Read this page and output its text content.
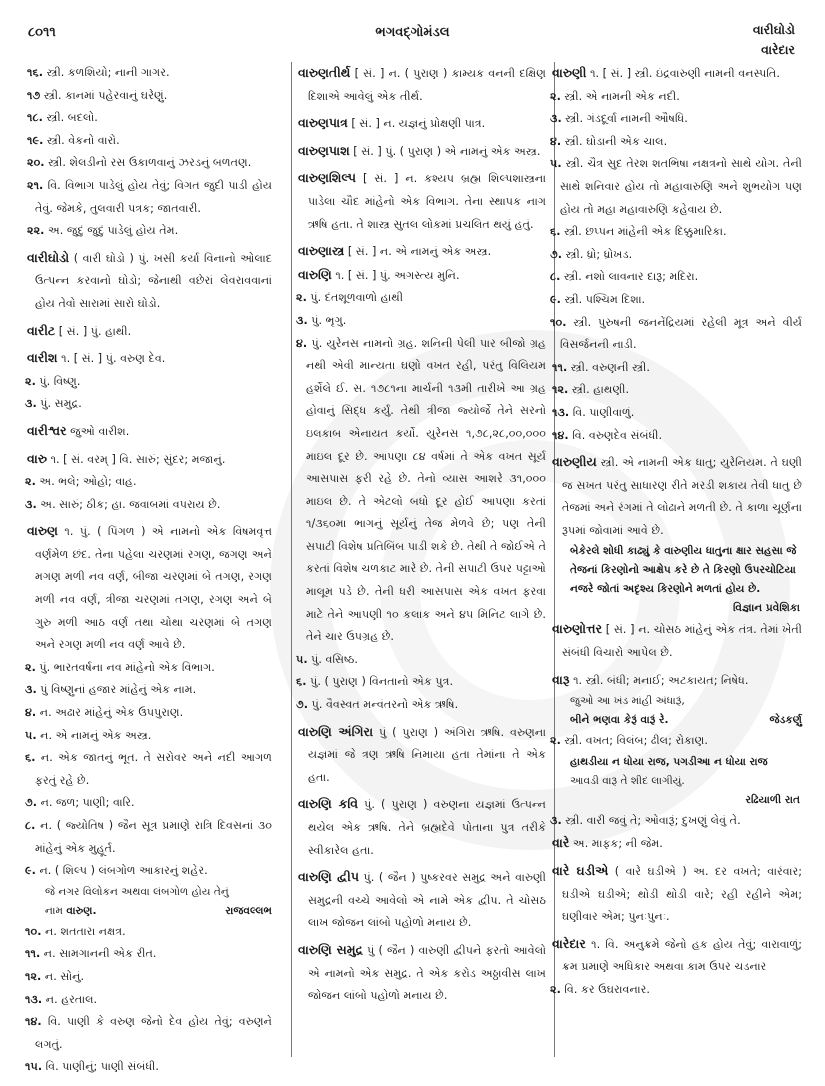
૮૦૧૧	ભગવદ્ગોમંડલ	વારીઘોડો
વારેદાર

૧૬. સ્ત્રી. કળશિયો; નાની ગાગર.

૧૭ સ્ત્રી. કાનમાં પહેરવાનું ઘરેણું.

૧૮. સ્ત્રી. બદલો.

૧૯. સ્ત્રી. વેકનો વારો.

૨૦. સ્ત્રી. શેલડીનો રસ ઉકાળવાનું ઝરડનું બળતણ.

૨૧. વિ. વિભાગ પાડેલું હોય તેવું; વિગત જુદી પાડી હોય તેવું. જેમકે, તુલવારી પત્રક; જાતવારી.

૨૨. અ. જુદું જુદું પાડેલું હોય તેમ.

વારીઘોડો ( વારી ઘોડો ) પું. ખસી કર્યા વિનાનો ઓલાદ ઉત્પન્ન કરવાનો ઘોડો; જેનાથી વછેરાં લેવરાવવાનાં હોય તેવો સારામાં સારો ઘોડો.

વારીટ [ સં. ] પું. હાથી.

વારીશ ૧. [ સં. ] પું. વરુણ દેવ.

૨. પું. વિષ્ણુ.

૩. પું. સમુદ્ર.

વારીશ્વર જુઓ વારીશ.

વારુ ૧. [ સં. વરમ્ ] વિ. સારું; સુંદર; મજાનું.

૨. અ. ભલે; ઓહો; વાહ.

૩. અ. સારું; ઠીક; હા. જવાબમાં વપરાય છે.

વારુણ ૧. પું. ( પિંગળ ) એ નામનો એક વિષમવૃત્ત વર્ણમેળ છંદ. તેના પહેલા ચરણમાં રગણ, જગણ અને મગણ મળી નવ વર્ણ, બીજા ચરણમાં બે તગણ, રગણ મળી નવ વર્ણ, ત્રીજા ચરણમાં તગણ, રગણ અને બે ગુરુ મળી આઠ વર્ણ તથા ચોથા ચરણમાં બે તગણ અને રગણ મળી નવ વર્ણ આવે છે.

૨. પું. ભારતવર્ષના નવ માંહેનો એક વિભાગ.

૩. પું વિષ્ણુનાં હજાર માંહેનું એક નામ.

૪. ન. અઢાર માંહેનું એક ઉપપુરાણ.

૫. ન. એ નામનું એક અસ્ત્ર.

૬. ન. એક જાતનું ભૂત. તે સરોવર અને નદી આગળ ફરતું રહે છે.

૭. ન. જળ; પાણી; વારિ.

૮. ન. ( જ્યોતિષ ) જૈન સૂત્ર પ્રમાણે રાત્રિ દિવસનાં ૩૦ માંહેનું એક મુહૂર્ત.

૯. ન. ( શિલ્પ ) લંબગોળ આકારનું શહેર.

જે નગર વિલોકન અથવા લંબગોળ હોય તેનું
નામ વારુણ.	રાજવલ્લભ

૧૦. ન. શતતારા નક્ષત્ર.

૧૧. ન. સામગાનની એક રીત.

૧૨. ન. સોનું.

૧૩. ન. હરતાલ.

૧૪. વિ. પાણી કે વરુણ જેનો દેવ હોય તેવું; વરુણને લગતું.

૧૫. વિ. પાણીનું; પાણી સંબંધી.

વારુણતીર્થ [ સં. ] ન. ( પુરાણ ) કામ્યક વનની દક્ષિણ દિશાએ આવેલું એક તીર્થ.

વારુણપાત્ર [ સં. ] ન. યજ્ઞનું પ્રોક્ષણી પાત્ર.

વારુણપાશ [ સં. ] પું. ( પુરાણ ) એ નામનું એક અસ્ત્ર.

વારુણશિલ્પ [ સં. ] ન. કશ્યપ બ્રહ્મ શિલ્પશાસ્ત્રના પાડેલા ચૌદ માંહેનો એક વિભાગ. તેના સ્થાપક નાગ ઋષિ હતા. તે શાસ્ત્ર સુતલ લોકમાં પ્રચલિત થયું હતું.

વારુણાસ્ત્ર [ સં. ] ન. એ નામનું એક અસ્ત્ર.

વારુણિ ૧. [ સં. ] પું. અગસ્ત્ય મુનિ.

૨. પું. દંતશૂળવાળો હાથી

૩. પું. ભૃગુ.

૪. પું. યુરેનસ નામનો ગ્રહ. શનિની પેલી પાર બીજો ગ્રહ નથી એવી માન્યતા ઘણો વખત રહી, પરંતુ વિલિયમ હર્શેલે ઈ. સ. ૧૭૮૧ના માર્ચની ૧૩મી તારીખે આ ગ્રહ હોવાનું સિદ્ધ કર્યું. તેથી ત્રીજા જ્યોર્જે તેને સરનો ઇલકાબ એનાયત કર્યો. યુરેનસ ૧,૭૮,૨૮,૦૦,૦૦૦ માઇલ દૂર છે. આપણા ૮૪ વર્ષમાં તે એક વખત સૂર્ય આસપાસ ફરી રહે છે. તેનો વ્યાસ આશરે ૩૧,૦૦૦ માઇલ છે. તે એટલો બધો દૂર હોઈ આપણા કરતાં ૧/૩૬૦મા ભાગનું સૂર્યનું તેજ મેળવે છે; પણ તેની સપાટી વિશેષ પ્રતિબિંબ પાડી શકે છે. તેથી તે જોઈએ તે કરતાં વિશેષ ચળકાટ મારે છે. તેની સપાટી ઉપર પટ્ટાઓ માલૂમ પડે છે. તેની ધરી આસપાસ એક વખત ફરવા માટે તેને આપણી ૧૦ કલાક અને ૪૫ મિનિટ લાગે છે. તેને ચાર ઉપગ્રહ છે.

૫. પું. વસિષ્ઠ.

૬. પું. ( પુરાણ ) વિનતાનો એક પુત્ર.

૭. પું. વૈવસ્વત મન્વંતરનો એક ઋષિ.

વારુણિ અંગિરા પું ( પુરાણ ) અંગિરા ઋષિ. વરુણના યજ્ઞમાં જે ત્રણ ઋષિ નિમાયા હતા તેમાંના તે એક હતા.

વારુણિ કવિ પું. ( પુરાણ ) વરુણના યજ્ઞમાં ઉત્પન્ન થયેલ એક ઋષિ. તેને બ્રહ્મદેવે પોતાના પુત્ર તરીકે સ્વીકારેલ હતા.

વારુણિ દ્વીપ પું. ( જૈન ) પુષ્કરવર સમુદ્ર અને વારુણી સમુદ્રની વચ્ચે આવેલો એ નામે એક દ્વીપ. તે ચોસઠ લાખ જોજન લાંબો પહોળો મનાય છે.

વારુણિ સમુદ્ર પું ( જૈન ) વારુણી દ્વીપને ફરતો આવેલો એ નામનો એક સમુદ્ર. તે એક કરોડ અઠ્ઠાવીસ લાખ જોજન લાંબો પહોળો મનાય છે.

વારુણી ૧. [ સં. ] સ્ત્રી. ઇંદ્રવારુણી નામની વનસ્પતિ.

૨. સ્ત્રી. એ નામની એક નદી.

૩. સ્ત્રી. ગંડદૂર્વા નામની ઔષધિ.

૪. સ્ત્રી. ઘોડાની એક ચાલ.

૫. સ્ત્રી. ચૈત્ર સુદ તેરશ શતભિષા નક્ષત્રનો સાથે યોગ. તેની સાથે શનિવાર હોય તો મહાવારુણિ અને શુભયોગ પણ હોય તો મહા મહાવારુણિ કહેવાય છે.

૬. સ્ત્રી. છપ્પન માંહેની એક દિક્કુમારિકા.

૭. સ્ત્રી. ધ્રો; ધ્રોખડ.

૮. સ્ત્રી. નશો લાવનાર દારૂ; મદિરા.

૯. સ્ત્રી. પશ્ચિમ દિશા.

૧૦. સ્ત્રી. પુરુષની જનનેંદ્રિયમાં રહેલી મૂત્ર અને વીર્ય વિસર્જનની નાડી.

૧૧. સ્ત્રી. વરુણની સ્ત્રી.

૧૨. સ્ત્રી. હાથણી.

૧૩. વિ. પાણીવાળું.

૧૪. વિ. વરુણદેવ સંબંધી.

વારુણીય સ્ત્રી. એ નામની એક ધાતુ; યુરેનિયમ. તે ઘણી જ સખત પરંતુ સાધારણ રીતે મરડી શકાય તેવી ધાતુ છે તેજમાં અને રંગમાં તે લોઢાને મળતી છે. તે કાળા ચૂર્ણના રૂપમાં જોવામાં આવે છે.

બેકેરલે શોધી કાઢ્યું કે વારુણીય ધાતુના ક્ષાર સહસા જે તેજનાં કિરણોનો આક્ષેપ કરે છે તે કિરણો ઉપરચોટિયા નજરે જોતાં અદૃશ્ય કિરણોને મળતાં હોય છે.
વિજ્ઞાન પ્રવેશિકા

વારુણોત્તર [ સં. ] ન. ચોસઠ માંહેનું એક તંત્ર. તેમાં ખેતી સંબંધી વિચારો આપેલ છે.

વારૂ ૧. સ્ત્રી. બંધી; મનાઈ; અટકાયત; નિષેધ.

જુઓ આ ખંડ માંહી અંધારૂં,
બીને ભણવા કેરૂં વારૂં રે.	જેડકર્ણુ

૨. સ્ત્રી. વખત; વિલંબ; ઢીલ; રોકાણ.

હાથડીયા ન ધોયા રાજ, પગડીઆ ન ધોયા રાજ
આવડી વારૂ તે શીદ લાગીયું.
રઢિયાળી રાત

૩. સ્ત્રી. વારી જવું તે; ઓવારૂં; દુખણું લેવું તે.

વારે અ. માફક; ની જેમ.

વારે ઘડીએ ( વારે ઘડીએ ) અ. દર વખતે; વારંવાર; ઘડીએ ઘડીએ; થોડી થોડી વારે; રહી રહીને એમ; ઘણીવાર એમ; પુનઃપુનઃ.

વારેદાર ૧. વિ. અનુક્રમે જેનો હક હોય તેવું; વારાવાળું; ક્રમ પ્રમાણે અધિકાર અથવા કામ ઉપર ચડનાર

૨. વિ. કર ઉઘરાવનાર.
